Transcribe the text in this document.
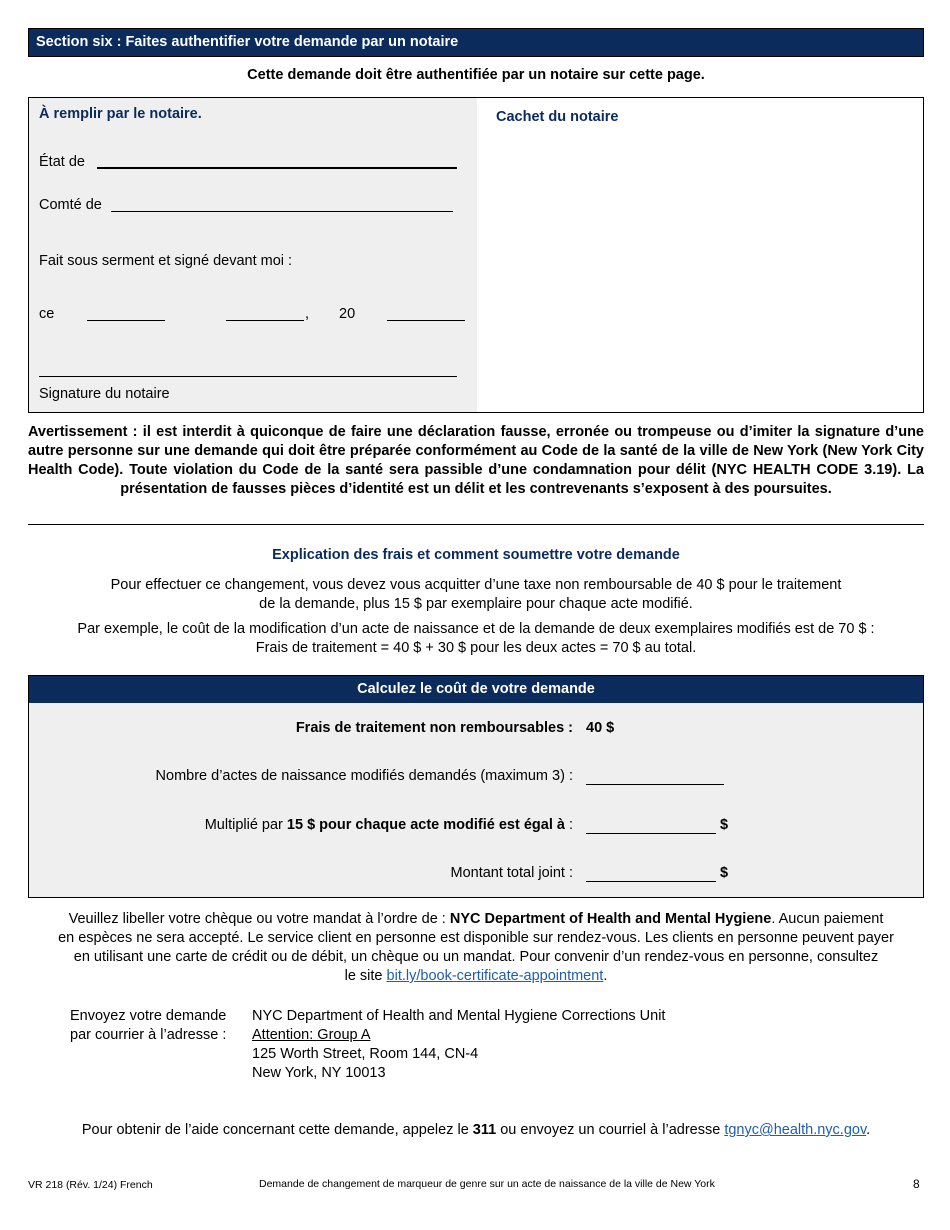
Section six : Faites authentifier votre demande par un notaire
Cette demande doit être authentifiée par un notaire sur cette page.
À remplir par le notaire.
État de
Comté de
Fait sous serment et signé devant moi :
ce	, 20
Signature du notaire
Cachet du notaire
Avertissement : il est interdit à quiconque de faire une déclaration fausse, erronée ou trompeuse ou d’imiter la signature d’une autre personne sur une demande qui doit être préparée conformément au Code de la santé de la ville de New York (New York City Health Code). Toute violation du Code de la santé sera passible d’une condamnation pour délit (NYC HEALTH CODE 3.19). La présentation de fausses pièces d’identité est un délit et les contrevenants s’exposent à des poursuites.
Explication des frais et comment soumettre votre demande
Pour effectuer ce changement, vous devez vous acquitter d’une taxe non remboursable de 40 $ pour le traitement
de la demande, plus 15 $ par exemplaire pour chaque acte modifié.
Par exemple, le coût de la modification d’un acte de naissance et de la demande de deux exemplaires modifiés est de 70 $ :
Frais de traitement = 40 $ + 30 $ pour les deux actes = 70 $ au total.
Calculez le coût de votre demande
Frais de traitement non remboursables : 40 $
Nombre d’actes de naissance modifiés demandés (maximum 3) :
Multiplié par 15 $ pour chaque acte modifié est égal à :	$
Montant total joint :	$
Veuillez libeller votre chèque ou votre mandat à l’ordre de : NYC Department of Health and Mental Hygiene. Aucun paiement
en espèces ne sera accepté. Le service client en personne est disponible sur rendez-vous. Les clients en personne peuvent payer
en utilisant une carte de crédit ou de débit, un chèque ou un mandat. Pour convenir d’un rendez-vous en personne, consultez
le site bit.ly/book-certificate-appointment.
Envoyez votre demande
par courrier à l’adresse :
NYC Department of Health and Mental Hygiene Corrections Unit
Attention: Group A
125 Worth Street, Room 144, CN-4
New York, NY 10013
Pour obtenir de l’aide concernant cette demande, appelez le 311 ou envoyez un courriel à l’adresse tgnyc@health.nyc.gov.
VR 218 (Rév. 1/24) French	Demande de changement de marqueur de genre sur un acte de naissance de la ville de New York	8
